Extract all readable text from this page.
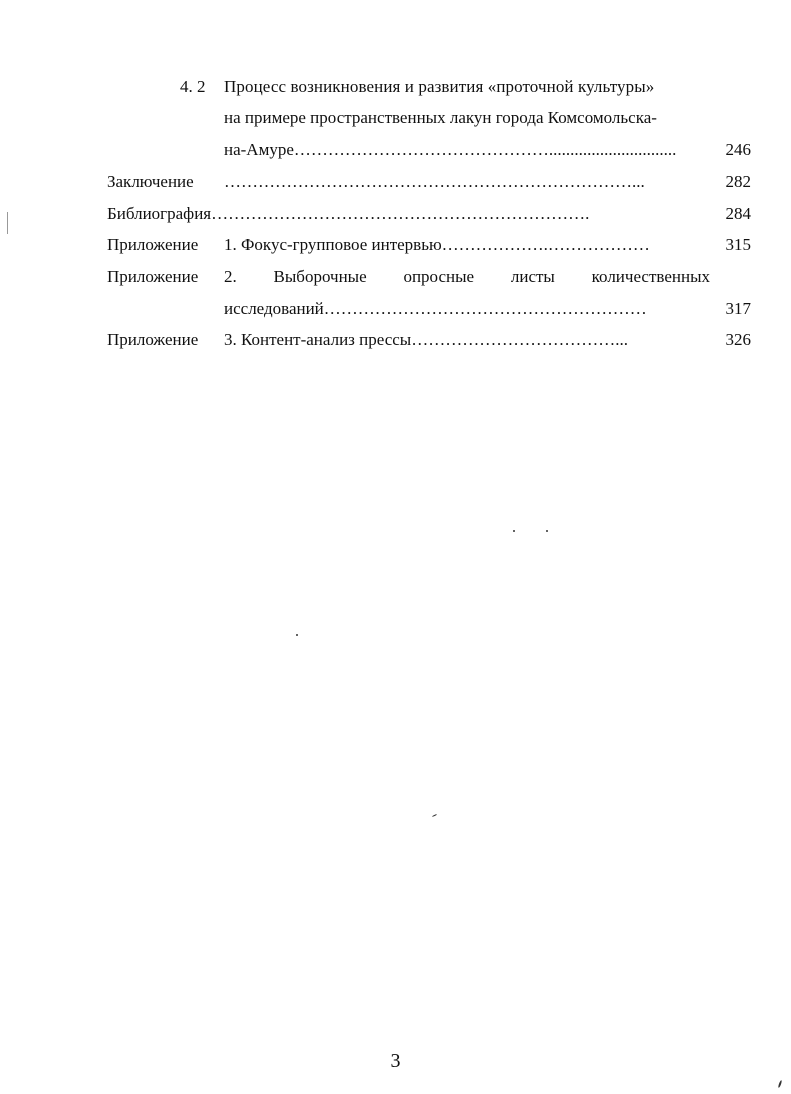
4. 2 Процесс возникновения и развития «проточной культуры»
на примере пространственных лакун города Комсомольска-
на-Амуре………………………………………..............................	246
Заключение ………………………………………………………………...	282
Библиография………………………………………………………….	284
Приложение 1. Фокус-групповое интервью……………….………………	315
Приложение 2. Выборочные опросные листы количественных
исследований…………………………………………………	317
Приложение 3. Контент-анализ прессы………………………………...	326
3
